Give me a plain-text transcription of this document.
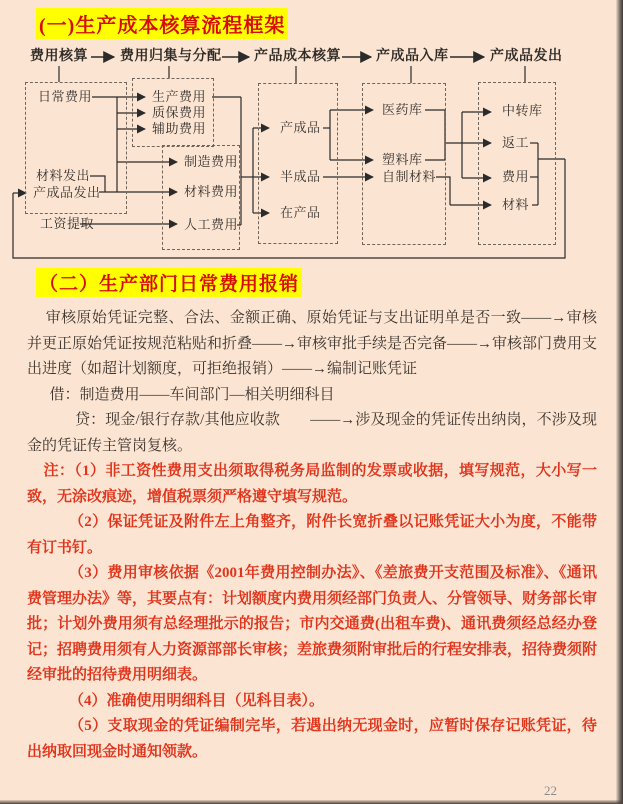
(一)生产成本核算流程框架
费用核算 费用归集与分配 产品成本核算	产成品入库	产成品发出
日常费用
材料发出
产成品发出
工资提取
生产费用
质保费用
辅助费用
制造费用
材料费用
人工费用
产成品
半成品
在产品
医药库
塑料库
自制材料
中转库
返工
费用
材料
（二）生产部门日常费用报销

审核原始凭证完整、合法、金额正确、原始凭证与支出证明单是否一致——→审核并更正原始凭证按规范粘贴和折叠——→审核审批手续是否完备——→审核部门费用支出进度（如超计划额度，可拒绝报销）——→编制记账凭证

借：制造费用——车间部门—相关明细科目

贷：现金/银行存款/其他应收款　　——→涉及现金的凭证传出纳岗，不涉及现金的凭证传主管岗复核。

注：（1）非工资性费用支出须取得税务局监制的发票或收据，填写规范，大小写一致，无涂改痕迹，增值税票须严格遵守填写规范。

（2）保证凭证及附件左上角整齐，附件长宽折叠以记账凭证大小为度，不能带有订书钉。

（3）费用审核依据《2001年费用控制办法》、《差旅费开支范围及标准》、《通讯费管理办法》等，其要点有：计划额度内费用须经部门负责人、分管领导、财务部长审批；计划外费用须有总经理批示的报告；市内交通费(出租车费)、通讯费须经总经办登记；招聘费用须有人力资源部部长审核；差旅费须附审批后的行程安排表，招待费须附经审批的招待费用明细表。

（4）准确使用明细科目（见科目表）。

（5）支取现金的凭证编制完毕，若遇出纳无现金时，应暂时保存记账凭证，待出纳取回现金时通知领款。

22
